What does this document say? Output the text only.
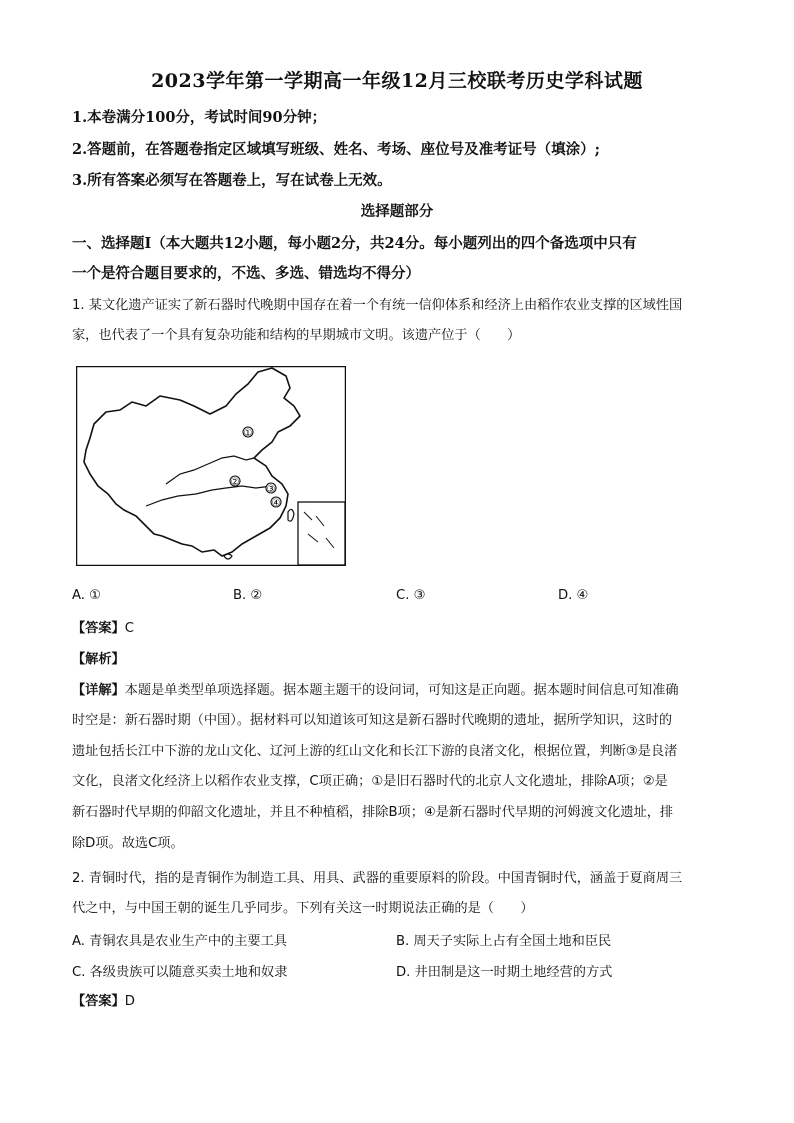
2023学年第一学期高一年级12月三校联考历史学科试题
1.本卷满分100分，考试时间90分钟；
2.答题前，在答题卷指定区域填写班级、姓名、考场、座位号及准考证号（填涂）;
3.所有答案必须写在答题卷上，写在试卷上无效。
选择题部分
一、选择题Ⅰ（本大题共12小题，每小题2分，共24分。每小题列出的四个备选项中只有
一个是符合题目要求的，不选、多选、错选均不得分）
1. 某文化遗产证实了新石器时代晚期中国存在着一个有统一信仰体系和经济上由稻作农业支撑的区域性国
家，也代表了一个具有复杂功能和结构的早期城市文明。该遗产位于（　　）
①
②
③
④
A. ①	B. ②	C. ③	D. ④
【答案】C
【解析】
【详解】本题是单类型单项选择题。据本题主题干的设问词，可知这是正向题。据本题时间信息可知准确
时空是：新石器时期（中国）。据材料可以知道该可知这是新石器时代晚期的遗址，据所学知识，这时的
遗址包括长江中下游的龙山文化、辽河上游的红山文化和长江下游的良渚文化，根据位置，判断③是良渚
文化，良渚文化经济上以稻作农业支撑，C项正确；①是旧石器时代的北京人文化遗址，排除A项；②是
新石器时代早期的仰韶文化遗址，并且不种植稻，排除B项；④是新石器时代早期的河姆渡文化遗址，排
除D项。故选C项。
2. 青铜时代，指的是青铜作为制造工具、用具、武器的重要原料的阶段。中国青铜时代，涵盖于夏商周三
代之中，与中国王朝的诞生几乎同步。下列有关这一时期说法正确的是（　　）
A. 青铜农具是农业生产中的主要工具	B. 周天子实际上占有全国土地和臣民
C. 各级贵族可以随意买卖土地和奴隶	D. 井田制是这一时期土地经营的方式
【答案】D
